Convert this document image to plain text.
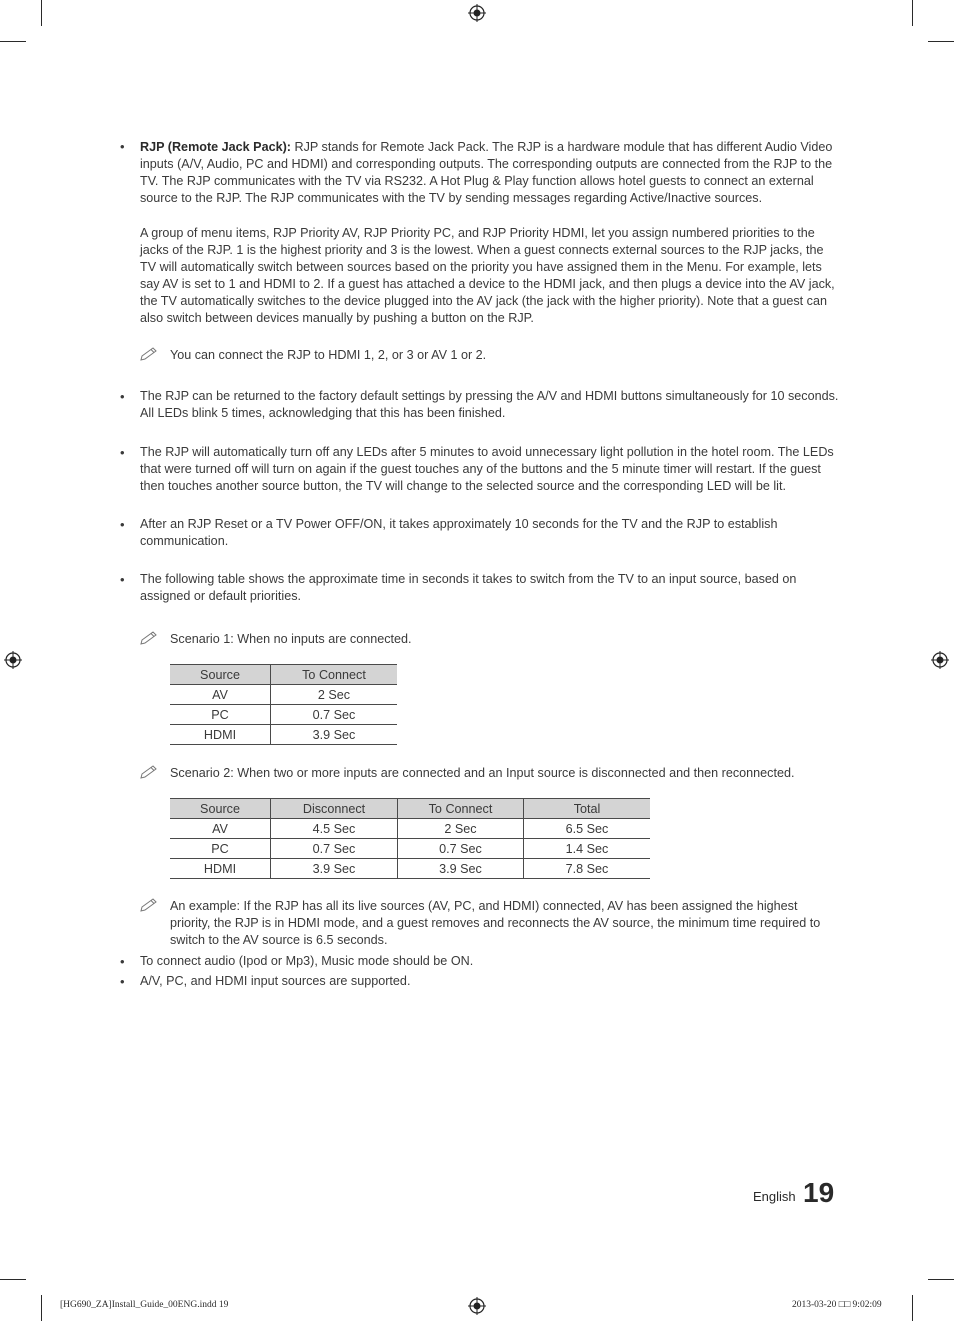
• RJP (Remote Jack Pack): RJP stands for Remote Jack Pack. The RJP is a hardware module that has different Audio Video inputs (A/V, Audio, PC and HDMI) and corresponding outputs. The corresponding outputs are connected from the RJP to the TV. The RJP communicates with the TV via RS232. A Hot Plug & Play function allows hotel guests to connect an external source to the RJP. The RJP communicates with the TV by sending messages regarding Active/Inactive sources.
A group of menu items, RJP Priority AV, RJP Priority PC, and RJP Priority HDMI, let you assign numbered priorities to the jacks of the RJP. 1 is the highest priority and 3 is the lowest. When a guest connects external sources to the RJP jacks, the TV will automatically switch between sources based on the priority you have assigned them in the Menu. For example, lets say AV is set to 1 and HDMI to 2. If a guest has attached a device to the HDMI jack, and then plugs a device into the AV jack, the TV automatically switches to the device plugged into the AV jack (the jack with the higher priority). Note that a guest can also switch between devices manually by pushing a button on the RJP.
You can connect the RJP to HDMI 1, 2, or 3 or AV 1 or 2.
• The RJP can be returned to the factory default settings by pressing the A/V and HDMI buttons simultaneously for 10 seconds. All LEDs blink 5 times, acknowledging that this has been finished.
• The RJP will automatically turn off any LEDs after 5 minutes to avoid unnecessary light pollution in the hotel room. The LEDs that were turned off will turn on again if the guest touches any of the buttons and the 5 minute timer will restart. If the guest then touches another source button, the TV will change to the selected source and the corresponding LED will be lit.
• After an RJP Reset or a TV Power OFF/ON, it takes approximately 10 seconds for the TV and the RJP to establish communication.
• The following table shows the approximate time in seconds it takes to switch from the TV to an input source, based on assigned or default priorities.
Scenario 1: When no inputs are connected.
Source	To Connect
AV	2 Sec
PC	0.7 Sec
HDMI	3.9 Sec
Scenario 2: When two or more inputs are connected and an Input source is disconnected and then reconnected.
Source	Disconnect	To Connect	Total
AV	4.5 Sec	2 Sec	6.5 Sec
PC	0.7 Sec	0.7 Sec	1.4 Sec
HDMI	3.9 Sec	3.9 Sec	7.8 Sec
An example: If the RJP has all its live sources (AV, PC, and HDMI) connected, AV has been assigned the highest priority, the RJP is in HDMI mode, and a guest removes and reconnects the AV source, the minimum time required to switch to the AV source is 6.5 seconds.
• To connect audio (Ipod or Mp3), Music mode should be ON.
• A/V, PC, and HDMI input sources are supported.
English 19
[HG690_ZA]Install_Guide_00ENG.indd 19	2013-03-20 □□ 9:02:09
